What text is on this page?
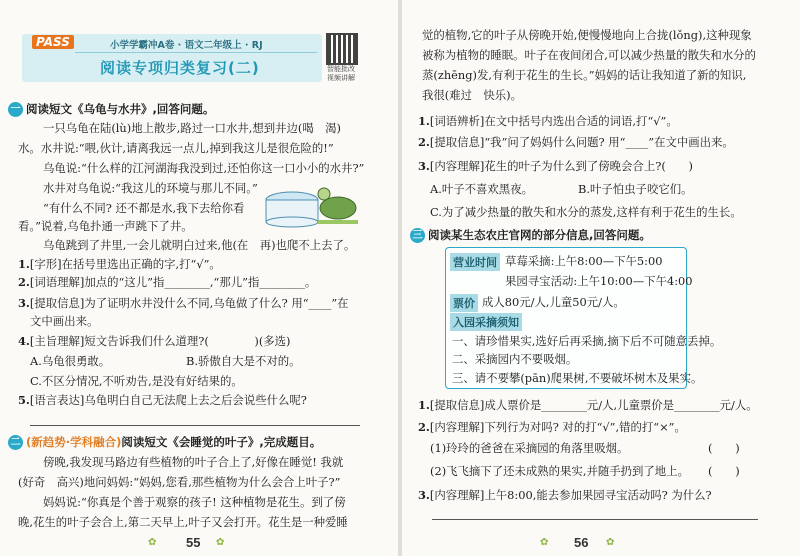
PASS	小学学霸冲A卷 · 语文二年级上 · RJ
阅读专项归类复习(二)	智能批改
视频讲解
一 阅读短文《乌龟与水井》,回答问题。
一只乌龟在陆(lù)地上散步,路过一口水井,想到井边(喝　渴)
水。水井说:“喂,伙计,请离我远一点儿,掉到我这儿是很危险的!”
乌龟说:“什么样的江河湖海我没到过,还怕你这一口小小的水井?”
水井对乌龟说:“我这儿的环境与那儿不同。”
“有什么不同? 还不都是水,我下去给你看
看。”说着,乌龟扑通一声跳下了井。
乌龟跳到了井里,一会儿就明白过来,他(在　再)也爬不上去了。
1.[字形]在括号里选出正确的字,打“√”。
2.[词语理解]加点的“这儿”指________,“那儿”指________。
3.[提取信息]为了证明水井没什么不同,乌龟做了什么? 用“____”在
文中画出来。
4.[主旨理解]短文告诉我们什么道理?(　　　　)(多选)
A.乌龟很勇敢。	B.骄傲自大是不对的。
C.不区分情况,不听劝告,是没有好结果的。
5.[语言表达]乌龟明白自己无法爬上去之后会说些什么呢?
二 (新趋势·学科融合)阅读短文《会睡觉的叶子》,完成题目。
傍晚,我发现马路边有些植物的叶子合上了,好像在睡觉! 我就
(好奇　高兴)地问妈妈:“妈妈,您看,那些植物为什么会合上叶子?”
妈妈说:“你真是个善于观察的孩子! 这种植物是花生。到了傍
晚,花生的叶子会合上,第二天早上,叶子又会打开。花生是一种爱睡
✿ 55 ✿
觉的植物,它的叶子从傍晚开始,便慢慢地向上合拢(lǒng),这种现象
被称为植物的睡眠。叶子在夜间闭合,可以减少热量的散失和水分的
蒸(zhēng)发,有利于花生的生长。”妈妈的话让我知道了新的知识,
我很(难过　快乐)。
1.[词语辨析]在文中括号内选出合适的词语,打“√”。
2.[提取信息]“我”问了妈妈什么问题? 用“____”在文中画出来。
3.[内容理解]花生的叶子为什么到了傍晚会合上?(　　)
A.叶子不喜欢黑夜。	B.叶子怕虫子咬它们。
C.为了减少热量的散失和水分的蒸发,这样有利于花生的生长。
三 阅读某生态农庄官网的部分信息,回答问题。
营业时间 草莓采摘:上午8:00—下午5:00
果园寻宝活动:上午10:00—下午4:00
票价 成人80元/人,儿童50元/人。
入园采摘须知
一、请珍惜果实,选好后再采摘,摘下后不可随意丢掉。
二、采摘园内不要吸烟。
三、请不要攀(pān)爬果树,不要破坏树木及果实。
1.[提取信息]成人票价是________元/人,儿童票价是________元/人。
2.[内容理解]下列行为对吗? 对的打“√”,错的打“×”。
(1)玲玲的爸爸在采摘园的角落里吸烟。	(　　)
(2)飞飞摘下了还未成熟的果实,并随手扔到了地上。 (　　)
3.[内容理解]上午8:00,能去参加果园寻宝活动吗? 为什么?
✿ 56 ✿
